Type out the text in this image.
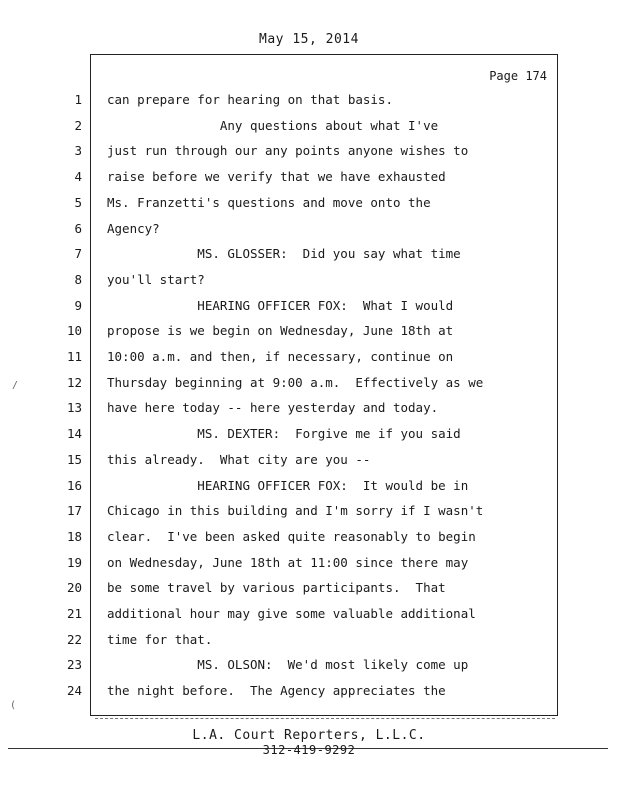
May 15, 2014
Page 174
1 can prepare for hearing on that basis.
2 Any questions about what I've
3 just run through our any points anyone wishes to
4 raise before we verify that we have exhausted
5 Ms. Franzetti's questions and move onto the
6 Agency?
7 MS. GLOSSER:  Did you say what time
8 you'll start?
9 HEARING OFFICER FOX:  What I would
10 propose is we begin on Wednesday, June 18th at
11 10:00 a.m. and then, if necessary, continue on
12 Thursday beginning at 9:00 a.m.  Effectively as we
13 have here today -- here yesterday and today.
14 MS. DEXTER:  Forgive me if you said
15 this already.  What city are you --
16 HEARING OFFICER FOX:  It would be in
17 Chicago in this building and I'm sorry if I wasn't
18 clear.  I've been asked quite reasonably to begin
19 on Wednesday, June 18th at 11:00 since there may
20 be some travel by various participants.  That
21 additional hour may give some valuable additional
22 time for that.
23 MS. OLSON:  We'd most likely come up
24 the night before.  The Agency appreciates the
L.A. Court Reporters, L.L.C.
312-419-9292
/
(
